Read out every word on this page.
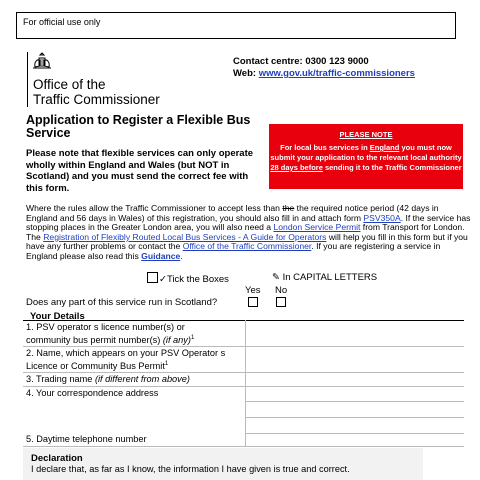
For official use only
Office of the
Traffic Commissioner
Contact centre: 0300 123 9000
Web: www.gov.uk/traffic-commissioners
Application to Register a Flexible Bus Service
Please note that flexible services can only operate wholly within England and Wales (but NOT in Scotland) and you must send the correct fee with this form.
PLEASE NOTE
For local bus services in England you must now submit your application to the relevant local authority 28 days before sending it to the Traffic Commissioner
Where the rules allow the Traffic Commissioner to accept less than the the required notice period (42 days in England and 56 days in Wales) of this registration, you should also fill in and attach form PSV350A. If the service has stopping places in the Greater London area, you will also need a London Service Permit from Transport for London. The Registration of Flexibly Routed Local Bus Services - A Guide for Operators will help you fill in this form but if you have any further problems or contact the Office of the Traffic Commissioner. If you are registering a service in England please also read this Guidance.
✓Tick the Boxes	✎ In CAPITAL LETTERS
Yes No
Does any part of this service run in Scotland?
Your Details
1. PSV operator s licence number(s) or
community bus permit number(s) (if any)$^1$

2. Name, which appears on your PSV Operator s
Licence or Community Bus Permit$^1$

3. Trading name (if different from above)	
4. Your correspondence address	

5. Daytime telephone number	
Declaration
I declare that, as far as I know, the information I have given is true and correct.
